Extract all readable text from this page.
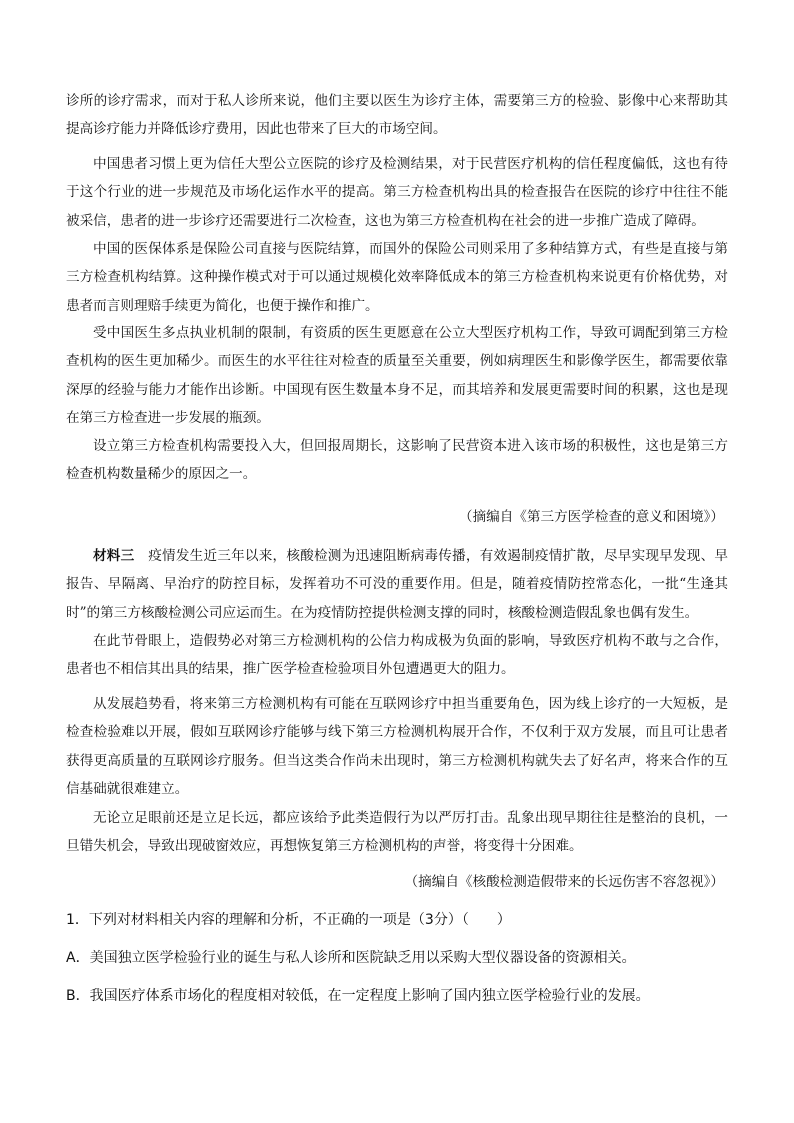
诊所的诊疗需求，而对于私人诊所来说，他们主要以医生为诊疗主体，需要第三方的检验、影像中心来帮助其提高诊疗能力并降低诊疗费用，因此也带来了巨大的市场空间。

中国患者习惯上更为信任大型公立医院的诊疗及检测结果，对于民营医疗机构的信任程度偏低，这也有待于这个行业的进一步规范及市场化运作水平的提高。第三方检查机构出具的检查报告在医院的诊疗中往往不能被采信，患者的进一步诊疗还需要进行二次检查，这也为第三方检查机构在社会的进一步推广造成了障碍。

中国的医保体系是保险公司直接与医院结算，而国外的保险公司则采用了多种结算方式，有些是直接与第三方检查机构结算。这种操作模式对于可以通过规模化效率降低成本的第三方检查机构来说更有价格优势，对患者而言则理赔手续更为简化，也便于操作和推广。

受中国医生多点执业机制的限制，有资质的医生更愿意在公立大型医疗机构工作，导致可调配到第三方检查机构的医生更加稀少。而医生的水平往往对检查的质量至关重要，例如病理医生和影像学医生，都需要依靠深厚的经验与能力才能作出诊断。中国现有医生数量本身不足，而其培养和发展更需要时间的积累，这也是现在第三方检查进一步发展的瓶颈。

设立第三方检查机构需要投入大，但回报周期长，这影响了民营资本进入该市场的积极性，这也是第三方检查机构数量稀少的原因之一。

（摘编自《第三方医学检查的意义和困境》）

材料三　 疫情发生近三年以来，核酸检测为迅速阻断病毒传播，有效遏制疫情扩散，尽早实现早发现、早报告、早隔离、早治疗的防控目标，发挥着功不可没的重要作用。但是，随着疫情防控常态化，一批“生逢其时”的第三方核酸检测公司应运而生。在为疫情防控提供检测支撑的同时，核酸检测造假乱象也偶有发生。

在此节骨眼上，造假势必对第三方检测机构的公信力构成极为负面的影响，导致医疗机构不敢与之合作，患者也不相信其出具的结果，推广医学检查检验项目外包遭遇更大的阻力。

从发展趋势看，将来第三方检测机构有可能在互联网诊疗中担当重要角色，因为线上诊疗的一大短板，是检查检验难以开展，假如互联网诊疗能够与线下第三方检测机构展开合作，不仅利于双方发展，而且可让患者获得更高质量的互联网诊疗服务。但当这类合作尚未出现时，第三方检测机构就失去了好名声，将来合作的互信基础就很难建立。

无论立足眼前还是立足长远，都应该给予此类造假行为以严厉打击。乱象出现早期往往是整治的良机，一旦错失机会，导致出现破窗效应，再想恢复第三方检测机构的声誉，将变得十分困难。

（摘编自《核酸检测造假带来的长远伤害不容忽视》）

1．下列对材料相关内容的理解和分析，不正确的一项是（3分）（　　）

A．美国独立医学检验行业的诞生与私人诊所和医院缺乏用以采购大型仪器设备的资源相关。

B．我国医疗体系市场化的程度相对较低，在一定程度上影响了国内独立医学检验行业的发展。
